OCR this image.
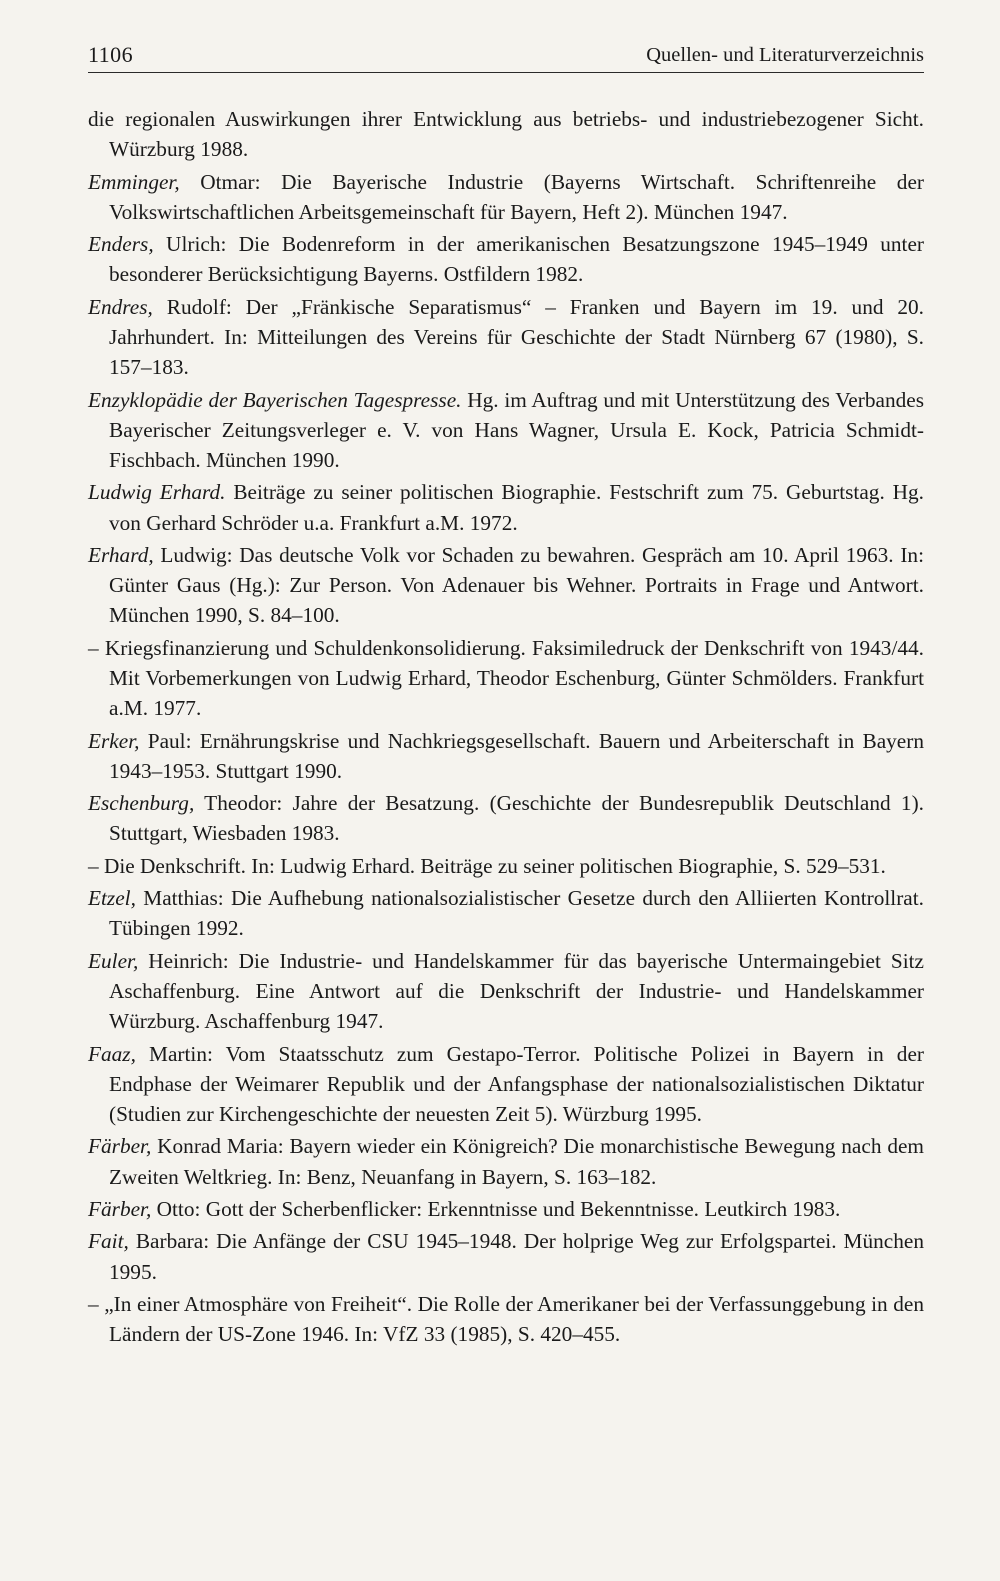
1106	Quellen- und Literaturverzeichnis

die regionalen Auswirkungen ihrer Entwicklung aus betriebs- und industriebezogener Sicht. Würzburg 1988.

Emminger, Otmar: Die Bayerische Industrie (Bayerns Wirtschaft. Schriftenreihe der Volkswirtschaftlichen Arbeitsgemeinschaft für Bayern, Heft 2). München 1947.

Enders, Ulrich: Die Bodenreform in der amerikanischen Besatzungszone 1945–1949 unter besonderer Berücksichtigung Bayerns. Ostfildern 1982.

Endres, Rudolf: Der „Fränkische Separatismus“ – Franken und Bayern im 19. und 20. Jahrhundert. In: Mitteilungen des Vereins für Geschichte der Stadt Nürnberg 67 (1980), S. 157–183.

Enzyklopädie der Bayerischen Tagespresse. Hg. im Auftrag und mit Unterstützung des Verbandes Bayerischer Zeitungsverleger e. V. von Hans Wagner, Ursula E. Kock, Patricia Schmidt-Fischbach. München 1990.

Ludwig Erhard. Beiträge zu seiner politischen Biographie. Festschrift zum 75. Geburtstag. Hg. von Gerhard Schröder u.a. Frankfurt a.M. 1972.

Erhard, Ludwig: Das deutsche Volk vor Schaden zu bewahren. Gespräch am 10. April 1963. In: Günter Gaus (Hg.): Zur Person. Von Adenauer bis Wehner. Portraits in Frage und Antwort. München 1990, S. 84–100.

– Kriegsfinanzierung und Schuldenkonsolidierung. Faksimiledruck der Denkschrift von 1943/44. Mit Vorbemerkungen von Ludwig Erhard, Theodor Eschenburg, Günter Schmölders. Frankfurt a.M. 1977.

Erker, Paul: Ernährungskrise und Nachkriegsgesellschaft. Bauern und Arbeiterschaft in Bayern 1943–1953. Stuttgart 1990.

Eschenburg, Theodor: Jahre der Besatzung. (Geschichte der Bundesrepublik Deutschland 1). Stuttgart, Wiesbaden 1983.

– Die Denkschrift. In: Ludwig Erhard. Beiträge zu seiner politischen Biographie, S. 529–531.

Etzel, Matthias: Die Aufhebung nationalsozialistischer Gesetze durch den Alliierten Kontrollrat. Tübingen 1992.

Euler, Heinrich: Die Industrie- und Handelskammer für das bayerische Untermaingebiet Sitz Aschaffenburg. Eine Antwort auf die Denkschrift der Industrie- und Handelskammer Würzburg. Aschaffenburg 1947.

Faaz, Martin: Vom Staatsschutz zum Gestapo-Terror. Politische Polizei in Bayern in der Endphase der Weimarer Republik und der Anfangsphase der nationalsozialistischen Diktatur (Studien zur Kirchengeschichte der neuesten Zeit 5). Würzburg 1995.

Färber, Konrad Maria: Bayern wieder ein Königreich? Die monarchistische Bewegung nach dem Zweiten Weltkrieg. In: Benz, Neuanfang in Bayern, S. 163–182.

Färber, Otto: Gott der Scherbenflicker: Erkenntnisse und Bekenntnisse. Leutkirch 1983.

Fait, Barbara: Die Anfänge der CSU 1945–1948. Der holprige Weg zur Erfolgspartei. München 1995.

– „In einer Atmosphäre von Freiheit“. Die Rolle der Amerikaner bei der Verfassunggebung in den Ländern der US-Zone 1946. In: VfZ 33 (1985), S. 420–455.
